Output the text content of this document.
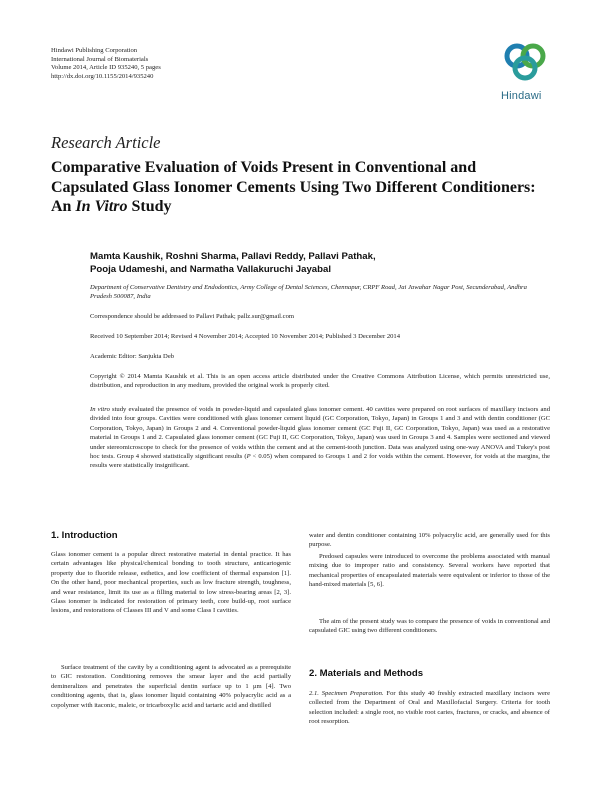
Hindawi Publishing Corporation
International Journal of Biomaterials
Volume 2014, Article ID 935240, 5 pages
http://dx.doi.org/10.1155/2014/935240
Hindawi
Research Article
Comparative Evaluation of Voids Present in Conventional and Capsulated Glass Ionomer Cements Using Two Different Conditioners: An In Vitro Study
Mamta Kaushik, Roshni Sharma, Pallavi Reddy, Pallavi Pathak,
Pooja Udameshi, and Narmatha Vallakuruchi Jayabal
Department of Conservative Dentistry and Endodontics, Army College of Dental Sciences, Chennapur, CRPF Road, Jai Jawahar Nagar Post, Secunderabad, Andhra Pradesh 500087, India
Correspondence should be addressed to Pallavi Pathak; pallz.sur@gmail.com
Received 10 September 2014; Revised 4 November 2014; Accepted 10 November 2014; Published 3 December 2014
Academic Editor: Sanjukta Deb
Copyright © 2014 Mamta Kaushik et al. This is an open access article distributed under the Creative Commons Attribution License, which permits unrestricted use, distribution, and reproduction in any medium, provided the original work is properly cited.
In vitro study evaluated the presence of voids in powder-liquid and capsulated glass ionomer cement. 40 cavities were prepared on root surfaces of maxillary incisors and divided into four groups. Cavities were conditioned with glass ionomer cement liquid (GC Corporation, Tokyo, Japan) in Groups 1 and 3 and with dentin conditioner (GC Corporation, Tokyo, Japan) in Groups 2 and 4. Conventional powder-liquid glass ionomer cement (GC Fuji II, GC Corporation, Tokyo, Japan) was used as a restorative material in Groups 1 and 2. Capsulated glass ionomer cement (GC Fuji II, GC Corporation, Tokyo, Japan) was used in Groups 3 and 4. Samples were sectioned and viewed under stereomicroscope to check for the presence of voids within the cement and at the cement-tooth junction. Data was analyzed using one-way ANOVA and Tukey's post hoc tests. Group 4 showed statistically significant results (P < 0.05) when compared to Groups 1 and 2 for voids within the cement. However, for voids at the margins, the results were statistically insignificant.
1. Introduction
Glass ionomer cement is a popular direct restorative material in dental practice. It has certain advantages like physical/chemical bonding to tooth structure, anticariogenic property due to fluoride release, esthetics, and low coefficient of thermal expansion [1]. On the other hand, poor mechanical properties, such as low fracture strength, toughness, and wear resistance, limit its use as a filling material to low stress-bearing areas [2, 3]. Glass ionomer is indicated for restoration of primary teeth, core build-up, root surface lesions, and restorations of Classes III and V and some Class I cavities.
Surface treatment of the cavity by a conditioning agent is advocated as a prerequisite to GIC restoration. Conditioning removes the smear layer and the acid partially demineralizes and penetrates the superficial dentin surface up to 1 μm [4]. Two conditioning agents, that is, glass ionomer liquid containing 40% polyacrylic acid as a copolymer with itaconic, maleic, or tricarboxylic acid and tartaric acid and distilled
water and dentin conditioner containing 10% polyacrylic acid, are generally used for this purpose.
Predosed capsules were introduced to overcome the problems associated with manual mixing due to improper ratio and consistency. Several workers have reported that mechanical properties of encapsulated materials were equivalent or inferior to those of the hand-mixed materials [5, 6].
The aim of the present study was to compare the presence of voids in conventional and capsulated GIC using two different conditioners.
2. Materials and Methods
2.1. Specimen Preparation. For this study 40 freshly extracted maxillary incisors were collected from the Department of Oral and Maxillofacial Surgery. Criteria for tooth selection included: a single root, no visible root caries, fractures, or cracks, and absence of root resorption.
